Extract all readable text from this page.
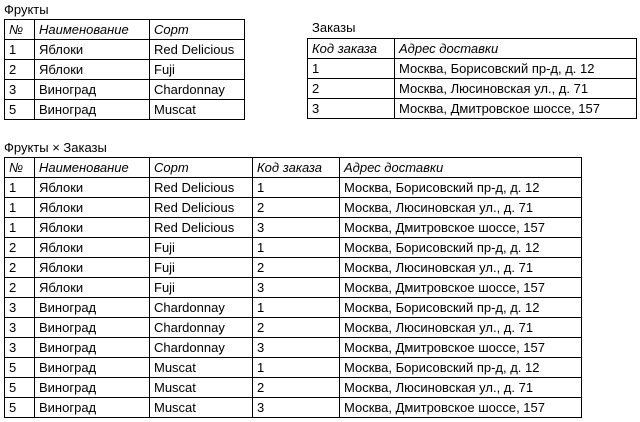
Фрукты
№	Наименование	Сорт
1	Яблоки	Red Delicious
2	Яблоки	Fuji
3	Виноград	Chardonnay
5	Виноград	Muscat
Заказы
Код заказа	Адрес доставки
1	Москва, Борисовский пр-д, д. 12
2	Москва, Люсиновская ул., д. 71
3	Москва, Дмитровское шоссе, 157
Фрукты × Заказы
№	Наименование	Сорт	Код заказа	Адрес доставки
1	Яблоки	Red Delicious	1	Москва, Борисовский пр-д, д. 12
1	Яблоки	Red Delicious	2	Москва, Люсиновская ул., д. 71
1	Яблоки	Red Delicious	3	Москва, Дмитровское шоссе, 157
2	Яблоки	Fuji	1	Москва, Борисовский пр-д, д. 12
2	Яблоки	Fuji	2	Москва, Люсиновская ул., д. 71
2	Яблоки	Fuji	3	Москва, Дмитровское шоссе, 157
3	Виноград	Chardonnay	1	Москва, Борисовский пр-д, д. 12
3	Виноград	Chardonnay	2	Москва, Люсиновская ул., д. 71
3	Виноград	Chardonnay	3	Москва, Дмитровское шоссе, 157
5	Виноград	Muscat	1	Москва, Борисовский пр-д, д. 12
5	Виноград	Muscat	2	Москва, Люсиновская ул., д. 71
5	Виноград	Muscat	3	Москва, Дмитровское шоссе, 157
